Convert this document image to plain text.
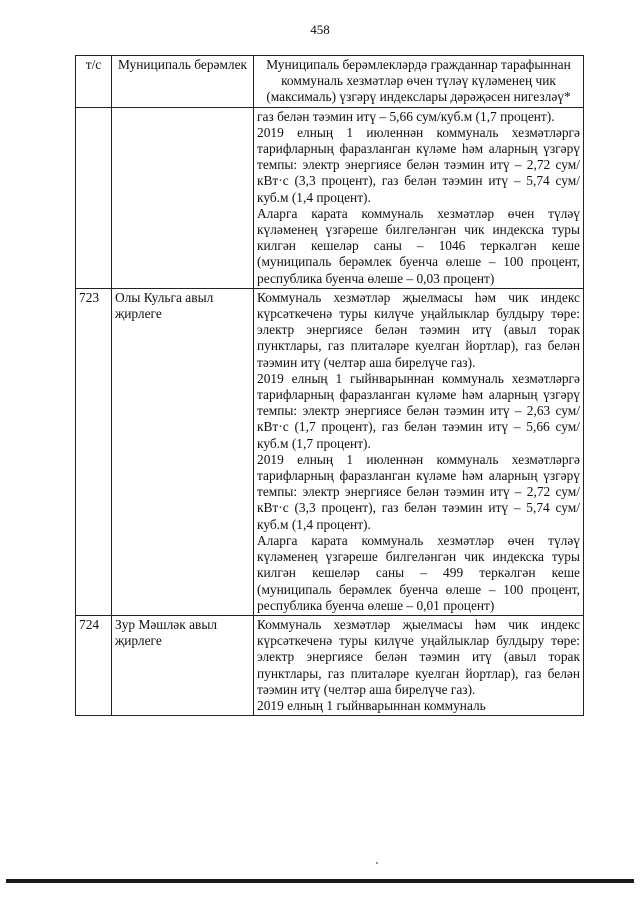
458
т/с	Муниципаль берәмлек	Муниципаль берәмлекләрдә гражданнар тарафыннан коммуналь хезмәтләр өчен түләү күләменең чик (максималь) үзгәрү индекслары дәрәҗәсен нигезләү*

		газ белән тәэмин итү – 5,66 сум/куб.м (1,7 процент).

2019 елның 1 июленнән коммуналь хезмәтләргә тарифларның фаразланган күләме һәм аларның үзгәрү темпы: электр энергиясе белән тәэмин итү – 2,72 сум/кВт·с (3,3 процент), газ белән тәэмин итү – 5,74 сум/куб.м (1,4 процент).

Аларга карата коммуналь хезмәтләр өчен түләү күләменең үзгәреше билгеләнгән чик индекска туры килгән кешеләр саны – 1046 теркәлгән кеше (муниципаль берәмлек буенча өлеше – 100 процент, республика буенча өлеше – 0,03 процент)

723	Олы Кульга авыл җирлеге	Коммуналь хезмәтләр җыелмасы һәм чик индекс күрсәткеченә туры килүче уңайлыклар булдыру төре: электр энергиясе белән тәэмин итү (авыл торак пунктлары, газ плиталәре куелган йортлар), газ белән тәэмин итү (челтәр аша бирелүче газ).

2019 елның 1 гыйнварыннан коммуналь хезмәтләргә тарифларның фаразланган күләме һәм аларның үзгәрү темпы: электр энергиясе белән тәэмин итү – 2,63 сум/кВт·с (1,7 процент), газ белән тәэмин итү – 5,66 сум/куб.м (1,7 процент).

2019 елның 1 июленнән коммуналь хезмәтләргә тарифларның фаразланган күләме һәм аларның үзгәрү темпы: электр энергиясе белән тәэмин итү – 2,72 сум/кВт·с (3,3 процент), газ белән тәэмин итү – 5,74 сум/куб.м (1,4 процент).

Аларга карата коммуналь хезмәтләр өчен түләү күләменең үзгәреше билгеләнгән чик индекска туры килгән кешеләр саны – 499 теркәлгән кеше (муниципаль берәмлек буенча өлеше – 100 процент, республика буенча өлеше – 0,01 процент)

724	Зур Мәшләк авыл җирлеге	Коммуналь хезмәтләр җыелмасы һәм чик индекс күрсәткеченә туры килүче уңайлыклар булдыру төре: электр энергиясе белән тәэмин итү (авыл торак пунктлары, газ плиталәре куелган йортлар), газ белән тәэмин итү (челтәр аша бирелүче газ).

2019 елның 1 гыйнварыннан коммуналь
